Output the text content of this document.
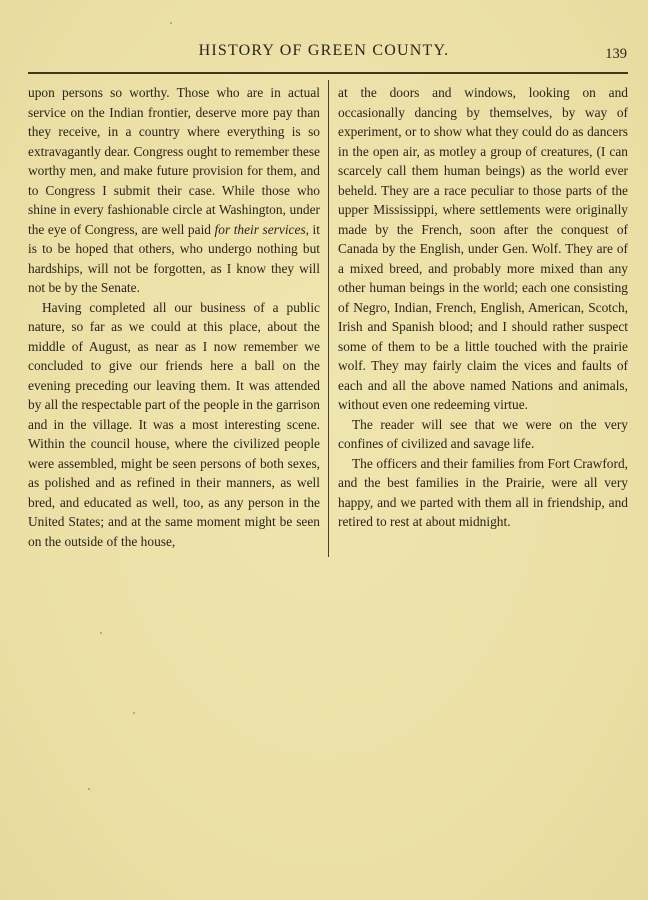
HISTORY OF GREEN COUNTY.	139

upon persons so worthy. Those who are in actual service on the Indian frontier, deserve more pay than they receive, in a country where everything is so extravagantly dear. Congress ought to remember these worthy men, and make future provision for them, and to Congress I submit their case. While those who shine in every fashionable circle at Washington, under the eye of Congress, are well paid for their services, it is to be hoped that others, who undergo nothing but hardships, will not be forgotten, as I know they will not be by the Senate.

Having completed all our business of a public nature, so far as we could at this place, about the middle of August, as near as I now remember we concluded to give our friends here a ball on the evening preceding our leaving them. It was attended by all the respectable part of the people in the garrison and in the village. It was a most interesting scene. Within the council house, where the civilized people were assembled, might be seen persons of both sexes, as polished and as refined in their manners, as well bred, and educated as well, too, as any person in the United States; and at the same moment might be seen on the outside of the house,

at the doors and windows, looking on and occasionally dancing by themselves, by way of experiment, or to show what they could do as dancers in the open air, as motley a group of creatures, (I can scarcely call them human beings) as the world ever beheld. They are a race peculiar to those parts of the upper Mississippi, where settlements were originally made by the French, soon after the conquest of Canada by the English, under Gen. Wolf. They are of a mixed breed, and probably more mixed than any other human beings in the world; each one consisting of Negro, Indian, French, English, American, Scotch, Irish and Spanish blood; and I should rather suspect some of them to be a little touched with the prairie wolf. They may fairly claim the vices and faults of each and all the above named Nations and animals, without even one redeeming virtue.

The reader will see that we were on the very confines of civilized and savage life.

The officers and their families from Fort Crawford, and the best families in the Prairie, were all very happy, and we parted with them all in friendship, and retired to rest at about midnight.
